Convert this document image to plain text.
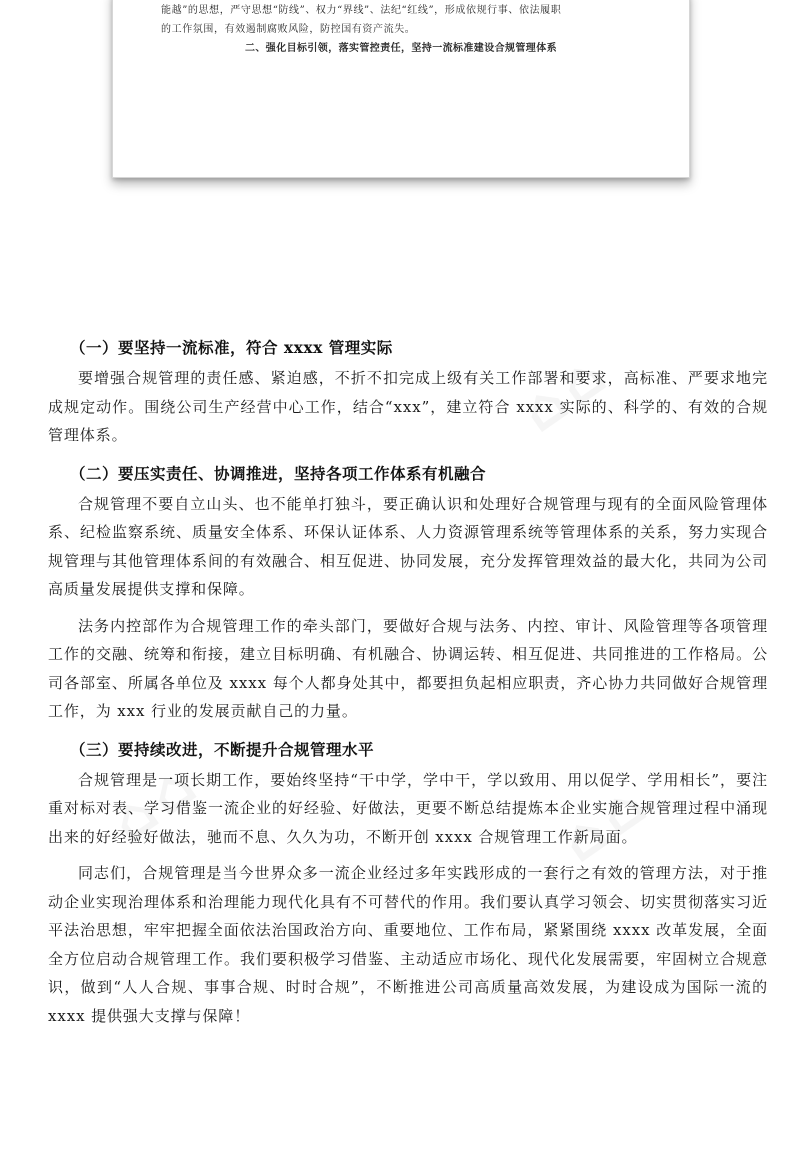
能越”的思想，严守思想“防线”、权力“界线”、法纪“红线”，形成依规行事、依法履职

的工作氛围，有效遏制腐败风险，防控国有资产流失。

二、强化目标引领，落实管控责任，坚持一流标准建设合规管理体系
⌂⌂
⌂⌂	⌂⌂
（一）要坚持一流标准，符合 xxxx 管理实际

要增强合规管理的责任感、紧迫感，不折不扣完成上级有关工作部署和要求，高标准、严要求地完成规定动作。围绕公司生产经营中心工作，结合“xxx”，建立符合 xxxx 实际的、科学的、有效的合规管理体系。

（二）要压实责任、协调推进，坚持各项工作体系有机融合

合规管理不要自立山头、也不能单打独斗，要正确认识和处理好合规管理与现有的全面风险管理体系、纪检监察系统、质量安全体系、环保认证体系、人力资源管理系统等管理体系的关系，努力实现合规管理与其他管理体系间的有效融合、相互促进、协同发展，充分发挥管理效益的最大化，共同为公司高质量发展提供支撑和保障。

法务内控部作为合规管理工作的牵头部门，要做好合规与法务、内控、审计、风险管理等各项管理工作的交融、统筹和衔接，建立目标明确、有机融合、协调运转、相互促进、共同推进的工作格局。公司各部室、所属各单位及 xxxx 每个人都身处其中，都要担负起相应职责，齐心协力共同做好合规管理工作，为 xxx 行业的发展贡献自己的力量。

（三）要持续改进，不断提升合规管理水平

合规管理是一项长期工作，要始终坚持“干中学，学中干，学以致用、用以促学、学用相长”，要注重对标对表、学习借鉴一流企业的好经验、好做法，更要不断总结提炼本企业实施合规管理过程中涌现出来的好经验好做法，驰而不息、久久为功，不断开创 xxxx 合规管理工作新局面。

同志们，合规管理是当今世界众多一流企业经过多年实践形成的一套行之有效的管理方法，对于推动企业实现治理体系和治理能力现代化具有不可替代的作用。我们要认真学习领会、切实贯彻落实习近平法治思想，牢牢把握全面依法治国政治方向、重要地位、工作布局，紧紧围绕 xxxx 改革发展，全面全方位启动合规管理工作。我们要积极学习借鉴、主动适应市场化、现代化发展需要，牢固树立合规意识，做到“人人合规、事事合规、时时合规”，不断推进公司高质量高效发展，为建设成为国际一流的 xxxx 提供强大支撑与保障！
